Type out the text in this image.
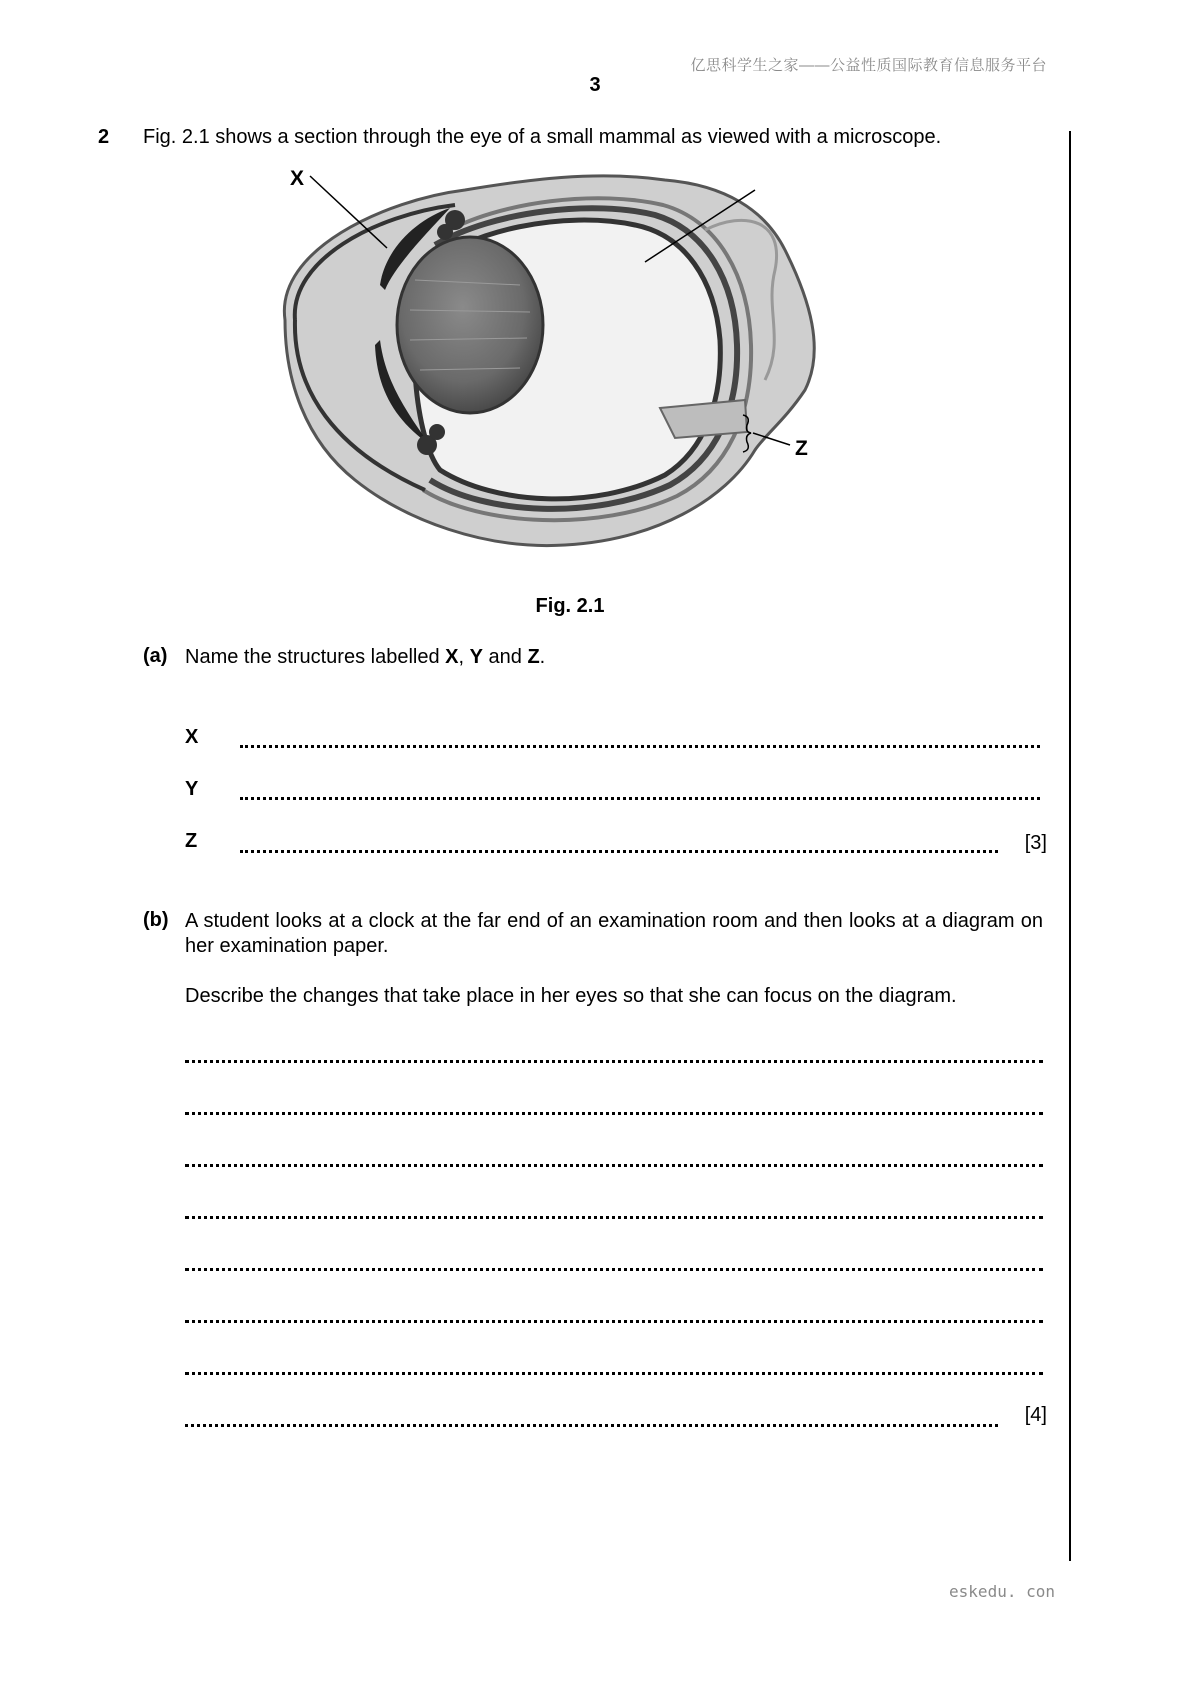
亿思科学生之家——公益性质国际教育信息服务平台
3
2 Fig. 2.1 shows a section through the eye of a small mammal as viewed with a microscope.
X
Z
Fig. 2.1
(a) Name the structures labelled X, Y and Z.
X
Y
Z	[3]
(b) A student looks at a clock at the far end of an examination room and then looks at a diagram on her examination paper.
Describe the changes that take place in her eyes so that she can focus on the diagram.
[4]
eskedu. con
